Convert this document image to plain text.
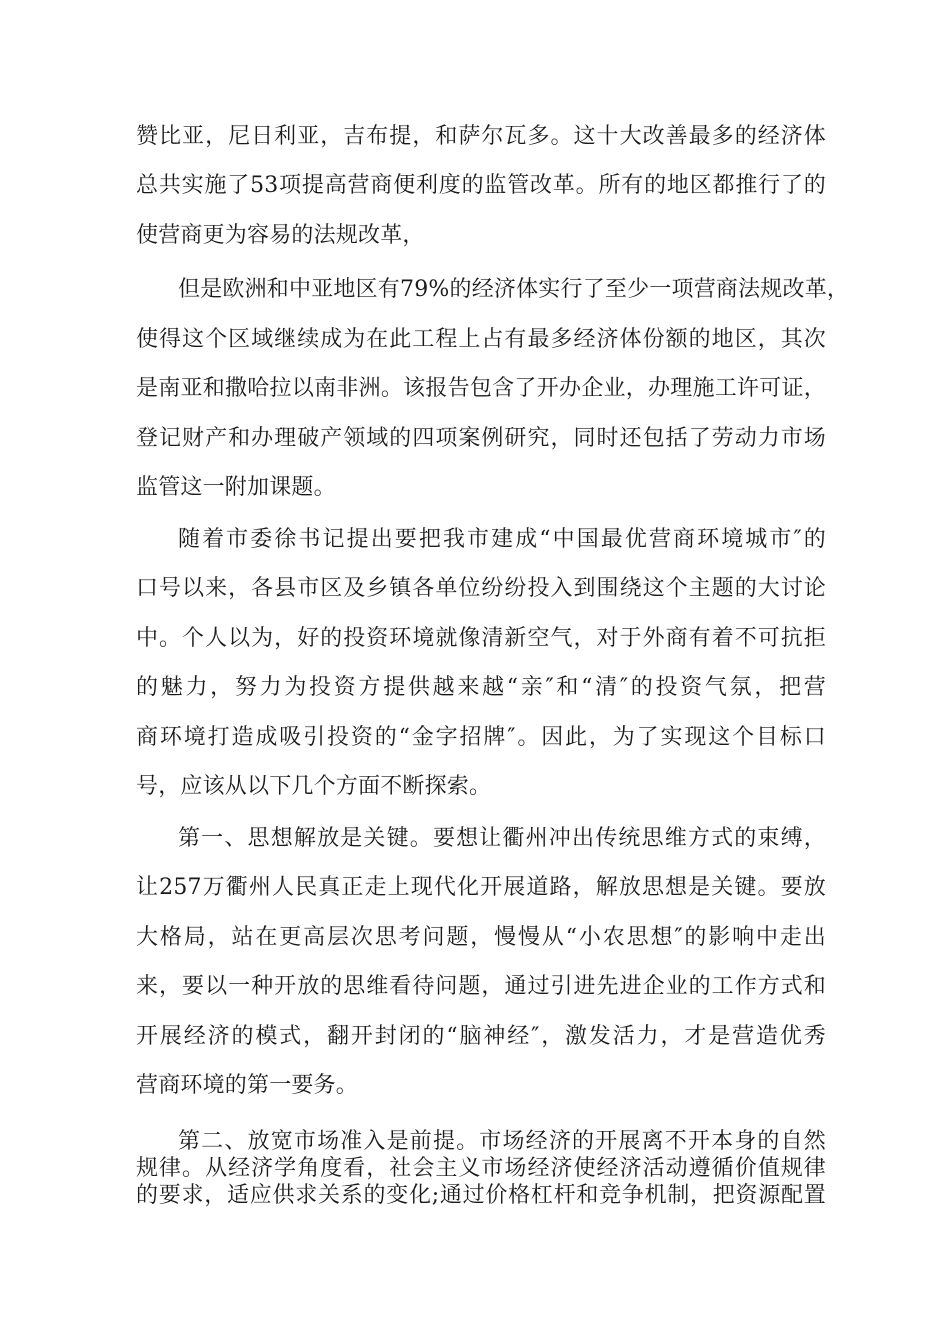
赞比亚，尼日利亚，吉布提，和萨尔瓦多。这十大改善最多的经济体
总共实施了53项提高营商便利度的监管改革。所有的地区都推行了的
使营商更为容易的法规改革，
但是欧洲和中亚地区有79%的经济体实行了至少一项营商法规改革，
使得这个区域继续成为在此工程上占有最多经济体份额的地区，其次
是南亚和撒哈拉以南非洲。该报告包含了开办企业，办理施工许可证，
登记财产和办理破产领域的四项案例研究，同时还包括了劳动力市场
监管这一附加课题。
随着市委徐书记提出要把我市建成“中国最优营商环境城市″的
口号以来，各县市区及乡镇各单位纷纷投入到围绕这个主题的大讨论
中。个人以为，好的投资环境就像清新空气，对于外商有着不可抗拒
的魅力，努力为投资方提供越来越“亲″和“清″的投资气氛，把营
商环境打造成吸引投资的“金字招牌″。因此，为了实现这个目标口
号，应该从以下几个方面不断探索。
第一、思想解放是关键。要想让衢州冲出传统思维方式的束缚，
让257万衢州人民真正走上现代化开展道路，解放思想是关键。要放
大格局，站在更高层次思考问题，慢慢从“小农思想″的影响中走出
来，要以一种开放的思维看待问题，通过引进先进企业的工作方式和
开展经济的模式，翻开封闭的“脑神经″，激发活力，才是营造优秀
营商环境的第一要务。
第二、放宽市场准入是前提。市场经济的开展离不开本身的自然
规律。从经济学角度看，社会主义市场经济使经济活动遵循价值规律
的要求，适应供求关系的变化;通过价格杠杆和竞争机制，把资源配置
